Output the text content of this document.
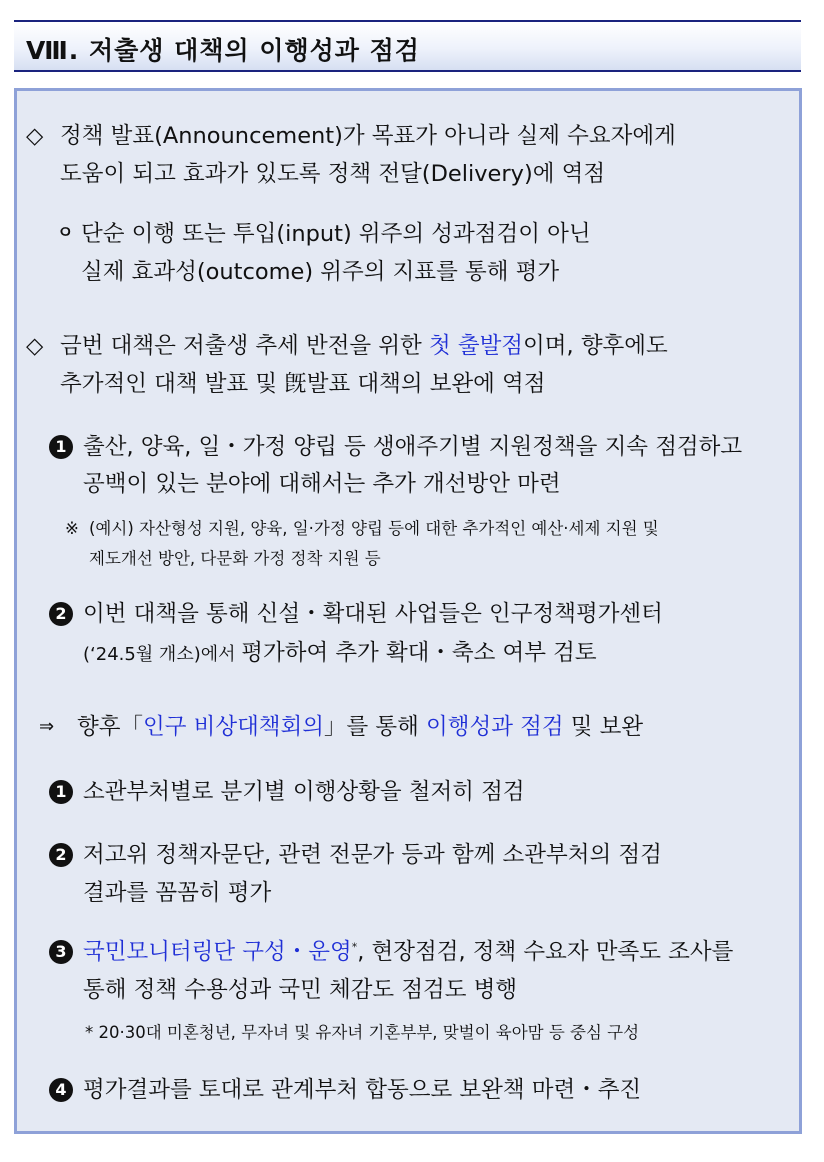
Ⅷ. 저출생 대책의 이행성과 점검
◇ 정책 발표(Announcement)가 목표가 아니라 실제 수요자에게
도움이 되고 효과가 있도록 정책 전달(Delivery)에 역점
ㅇ 단순 이행 또는 투입(input) 위주의 성과점검이 아닌
실제 효과성(outcome) 위주의 지표를 통해 평가
◇ 금번 대책은 저출생 추세 반전을 위한 첫 출발점이며, 향후에도
추가적인 대책 발표 및 旣발표 대책의 보완에 역점
1 출산, 양육, 일・가정 양립 등 생애주기별 지원정책을 지속 점검하고
공백이 있는 분야에 대해서는 추가 개선방안 마련
※ (예시) 자산형성 지원, 양육, 일·가정 양립 등에 대한 추가적인 예산·세제 지원 및
제도개선 방안, 다문화 가정 정착 지원 등
2 이번 대책을 통해 신설・확대된 사업들은 인구정책평가센터
(‘24.5월 개소)에서 평가하여 추가 확대・축소 여부 검토
⇒ 향후「인구 비상대책회의」를 통해 이행성과 점검 및 보완
1 소관부처별로 분기별 이행상황을 철저히 점검
2 저고위 정책자문단, 관련 전문가 등과 함께 소관부처의 점검
결과를 꼼꼼히 평가
3 국민모니터링단 구성・운영*, 현장점검, 정책 수요자 만족도 조사를
통해 정책 수용성과 국민 체감도 점검도 병행
* 20·30대 미혼청년, 무자녀 및 유자녀 기혼부부, 맞벌이 육아맘 등 중심 구성
4 평가결과를 토대로 관계부처 합동으로 보완책 마련・추진
